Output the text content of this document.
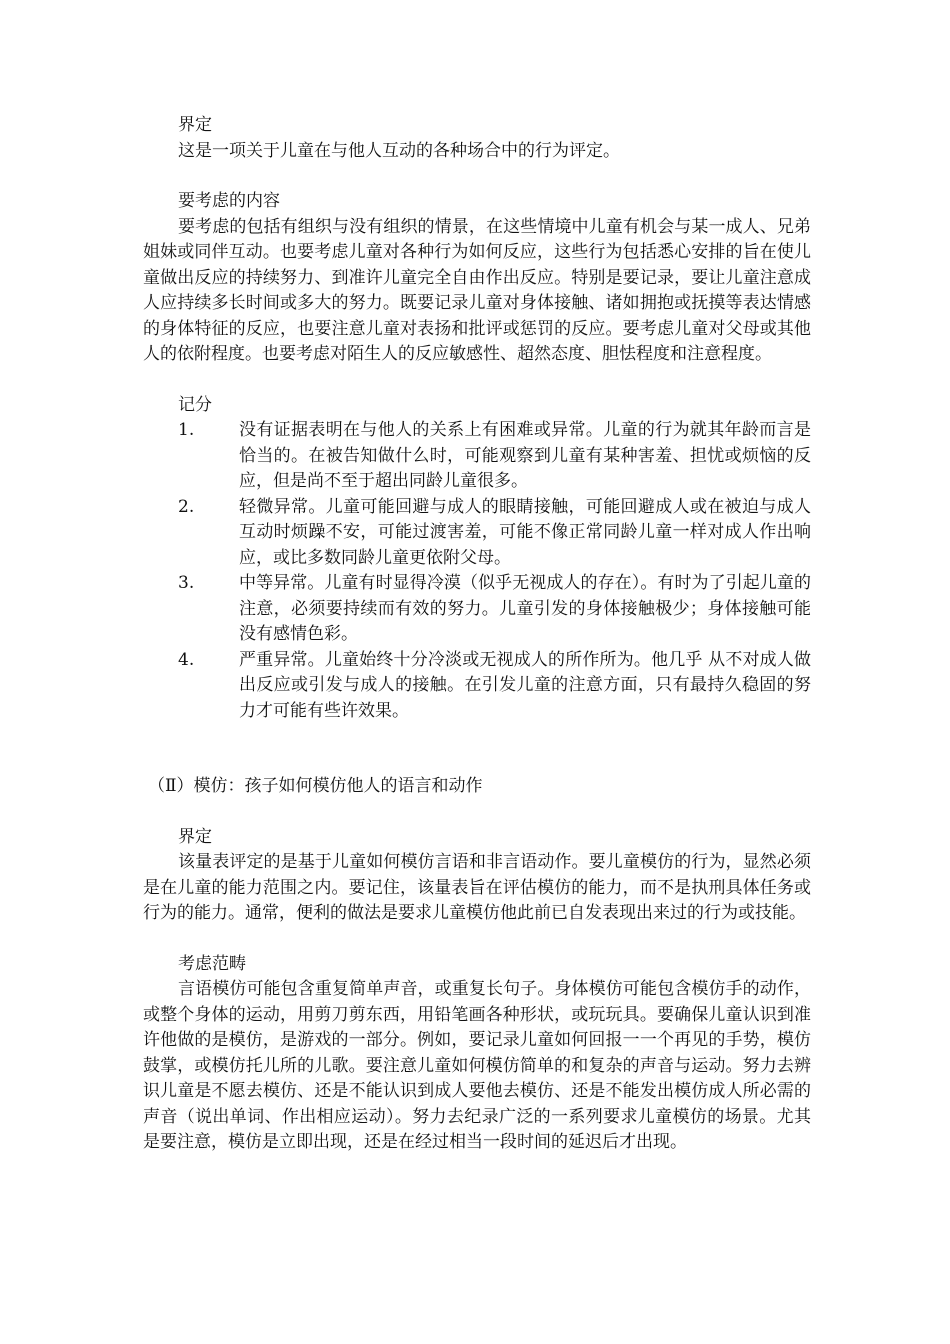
界定
这是一项关于儿童在与他人互动的各种场合中的行为评定。
要考虑的内容
要考虑的包括有组织与没有组织的情景，在这些情境中儿童有机会与某一成人、兄弟姐妹或同伴互动。也要考虑儿童对各种行为如何反应，这些行为包括悉心安排的旨在使儿童做出反应的持续努力、到准许儿童完全自由作出反应。特别是要记录，要让儿童注意成人应持续多长时间或多大的努力。既要记录儿童对身体接触、诸如拥抱或抚摸等表达情感的身体特征的反应，也要注意儿童对表扬和批评或惩罚的反应。要考虑儿童对父母或其他人的依附程度。也要考虑对陌生人的反应敏感性、超然态度、胆怯程度和注意程度。
记分
1.	没有证据表明在与他人的关系上有困难或异常。儿童的行为就其年龄而言是恰当的。在被告知做什么时，可能观察到儿童有某种害羞、担忧或烦恼的反应，但是尚不至于超出同龄儿童很多。
2.	轻微异常。儿童可能回避与成人的眼睛接触，可能回避成人或在被迫与成人互动时烦躁不安，可能过渡害羞，可能不像正常同龄儿童一样对成人作出响应，或比多数同龄儿童更依附父母。
3.	中等异常。儿童有时显得冷漠（似乎无视成人的存在）。有时为了引起儿童的注意，必须要持续而有效的努力。儿童引发的身体接触极少；身体接触可能没有感情色彩。
4.	严重异常。儿童始终十分冷淡或无视成人的所作所为。他几乎 从不对成人做出反应或引发与成人的接触。在引发儿童的注意方面，只有最持久稳固的努力才可能有些许效果。
（Ⅱ）模仿：孩子如何模仿他人的语言和动作
界定
该量表评定的是基于儿童如何模仿言语和非言语动作。要儿童模仿的行为，显然必须是在儿童的能力范围之内。要记住，该量表旨在评估模仿的能力，而不是执刑具体任务或行为的能力。通常，便利的做法是要求儿童模仿他此前已自发表现出来过的行为或技能。
考虑范畴
言语模仿可能包含重复简单声音，或重复长句子。身体模仿可能包含模仿手的动作，或整个身体的运动，用剪刀剪东西，用铅笔画各种形状，或玩玩具。要确保儿童认识到准许他做的是模仿，是游戏的一部分。例如，要记录儿童如何回报一一个再见的手势，模仿鼓掌，或模仿托儿所的儿歌。要注意儿童如何模仿简单的和复杂的声音与运动。努力去辨识儿童是不愿去模仿、还是不能认识到成人要他去模仿、还是不能发出模仿成人所必需的声音（说出单词、作出相应运动）。努力去纪录广泛的一系列要求儿童模仿的场景。尤其是要注意，模仿是立即出现，还是在经过相当一段时间的延迟后才出现。
